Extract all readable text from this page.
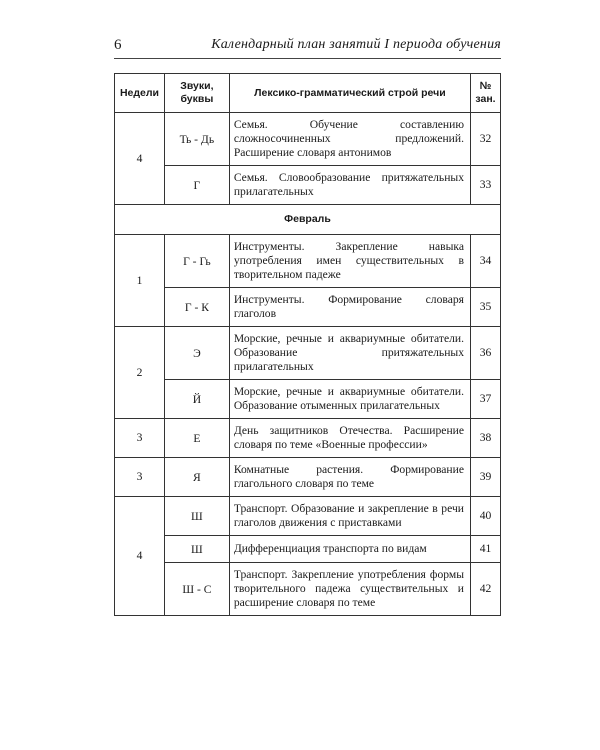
6	Календарный план занятий I периода обучения
Недели	Звуки, буквы	Лексико-грамматический строй речи	№
зан.
4	Ть - Дь	Семья. Обучение составлению сложносочиненных предложений. Расширение словаря антонимов	32
	Г	Семья. Словообразование притяжательных прилагательных	33
Февраль			
1	Г - Гь	Инструменты. Закрепление навыка употребления имен существительных в творительном падеже	34
	Г - К	Инструменты. Формирование словаря глаголов	35
2	Э	Морские, речные и аквариумные обитатели. Образование притяжательных прилагательных	36
	Й	Морские, речные и аквариумные обитатели. Образование отыменных прилагательных	37
3	Е	День защитников Отечества. Расширение словаря по теме «Военные профессии»	38
3	Я	Комнатные растения. Формирование глагольного словаря по теме	39
4	Ш	Транспорт. Образование и закрепление в речи глаголов движения с приставками	40
	Ш	Дифференциация транспорта по видам	41
	Ш - С	Транспорт. Закрепление употребления формы творительного падежа существительных и расширение словаря по теме	42
